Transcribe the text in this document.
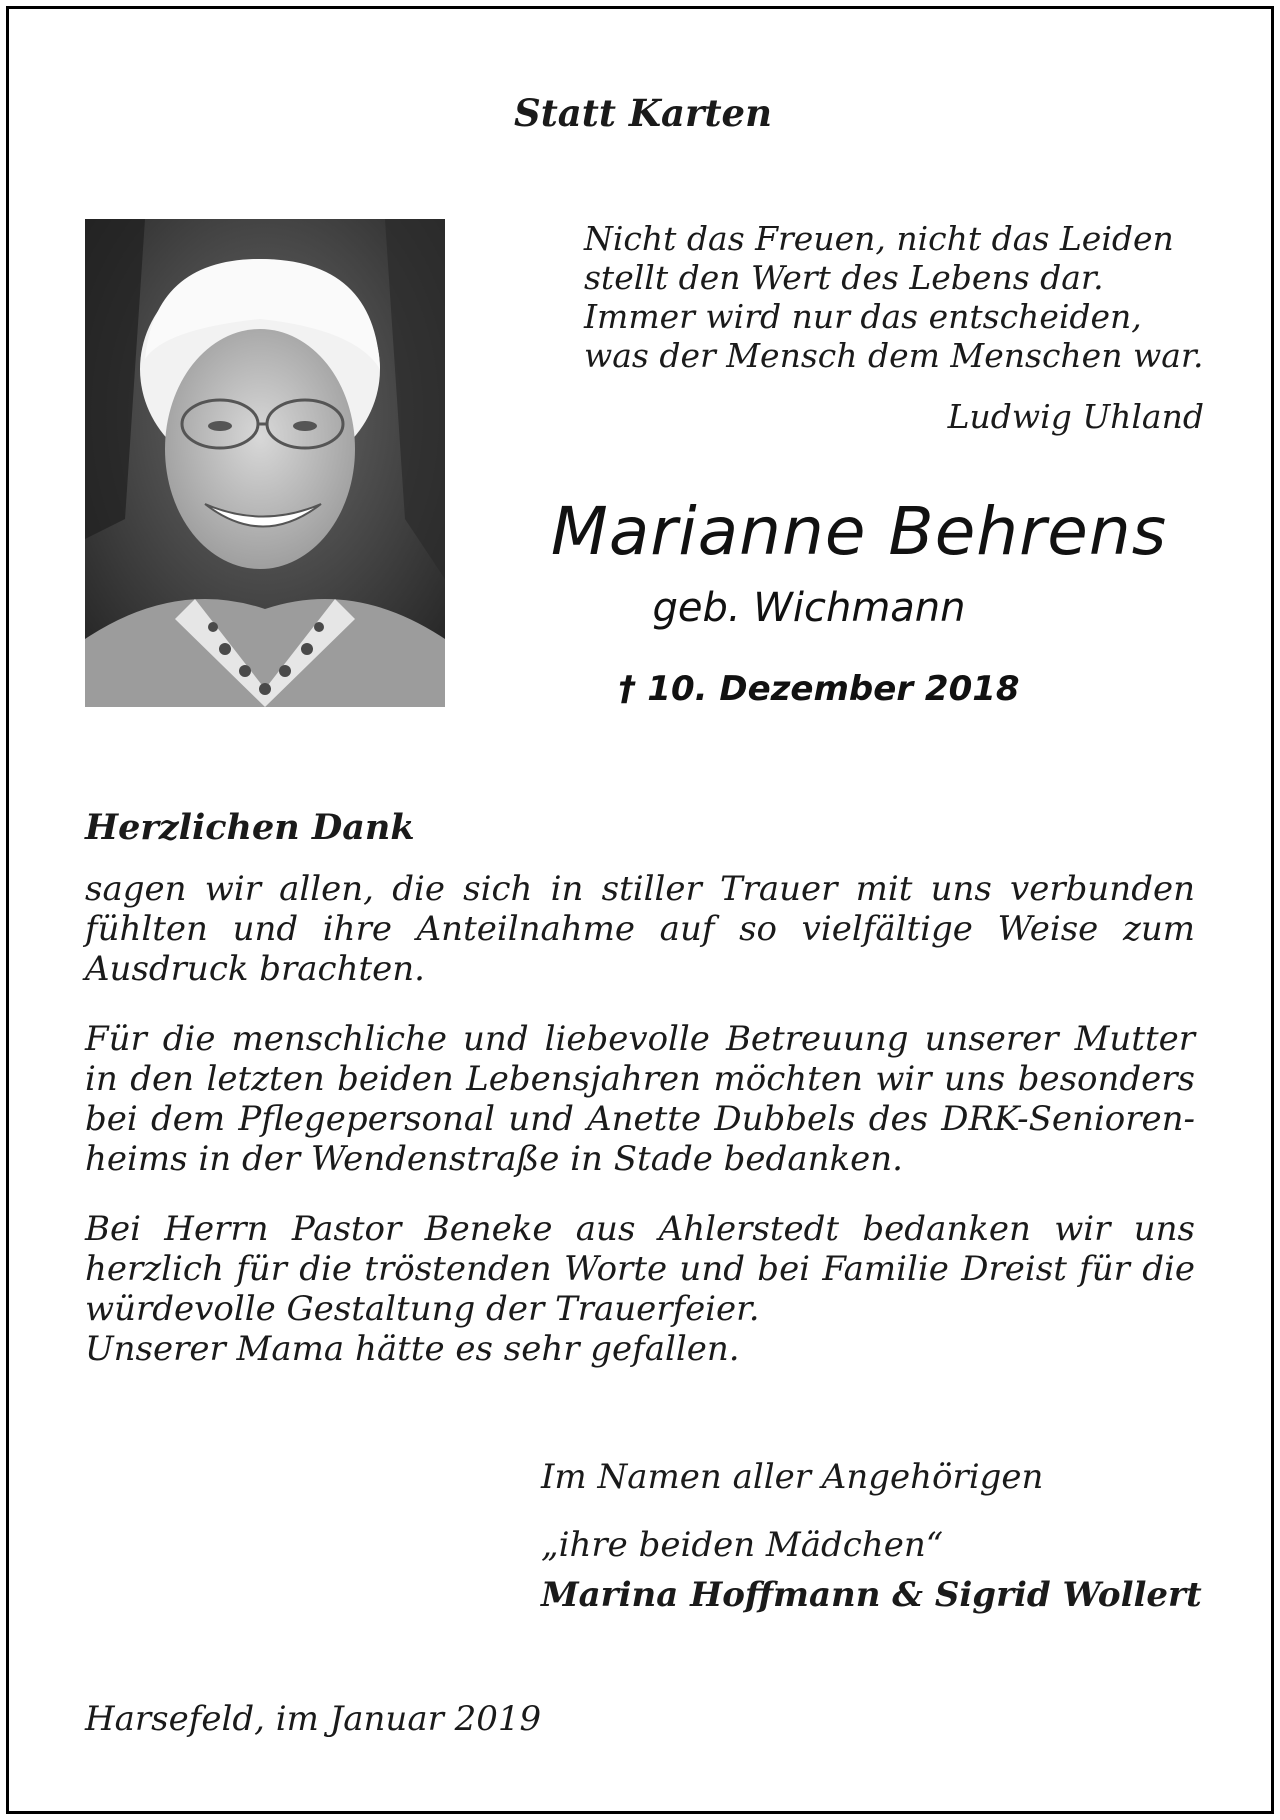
Statt Karten
Nicht das Freuen, nicht das Leiden
stellt den Wert des Lebens dar.
Immer wird nur das entscheiden,
was der Mensch dem Menschen war.
Ludwig Uhland
Marianne Behrens
geb. Wichmann
† 10. Dezember 2018
Herzlichen Dank

sagen wir allen, die sich in stiller Trauer mit uns verbunden fühlten und ihre Anteilnahme auf so vielfältige Weise zum Ausdruck brachten.

Für die menschliche und liebevolle Betreuung unserer Mutter in den letzten beiden Lebensjahren möchten wir uns besonders bei dem Pflegepersonal und Anette Dubbels des DRK-Seniorenheims in der Wendenstraße in Stade bedanken.

Bei Herrn Pastor Beneke aus Ahlerstedt bedanken wir uns herzlich für die tröstenden Worte und bei Familie Dreist für die würdevolle Gestaltung der Trauerfeier.

Unserer Mama hätte es sehr gefallen.
Im Namen aller Angehörigen
„ihre beiden Mädchen“
Marina Hoffmann & Sigrid Wollert
Harsefeld, im Januar 2019
